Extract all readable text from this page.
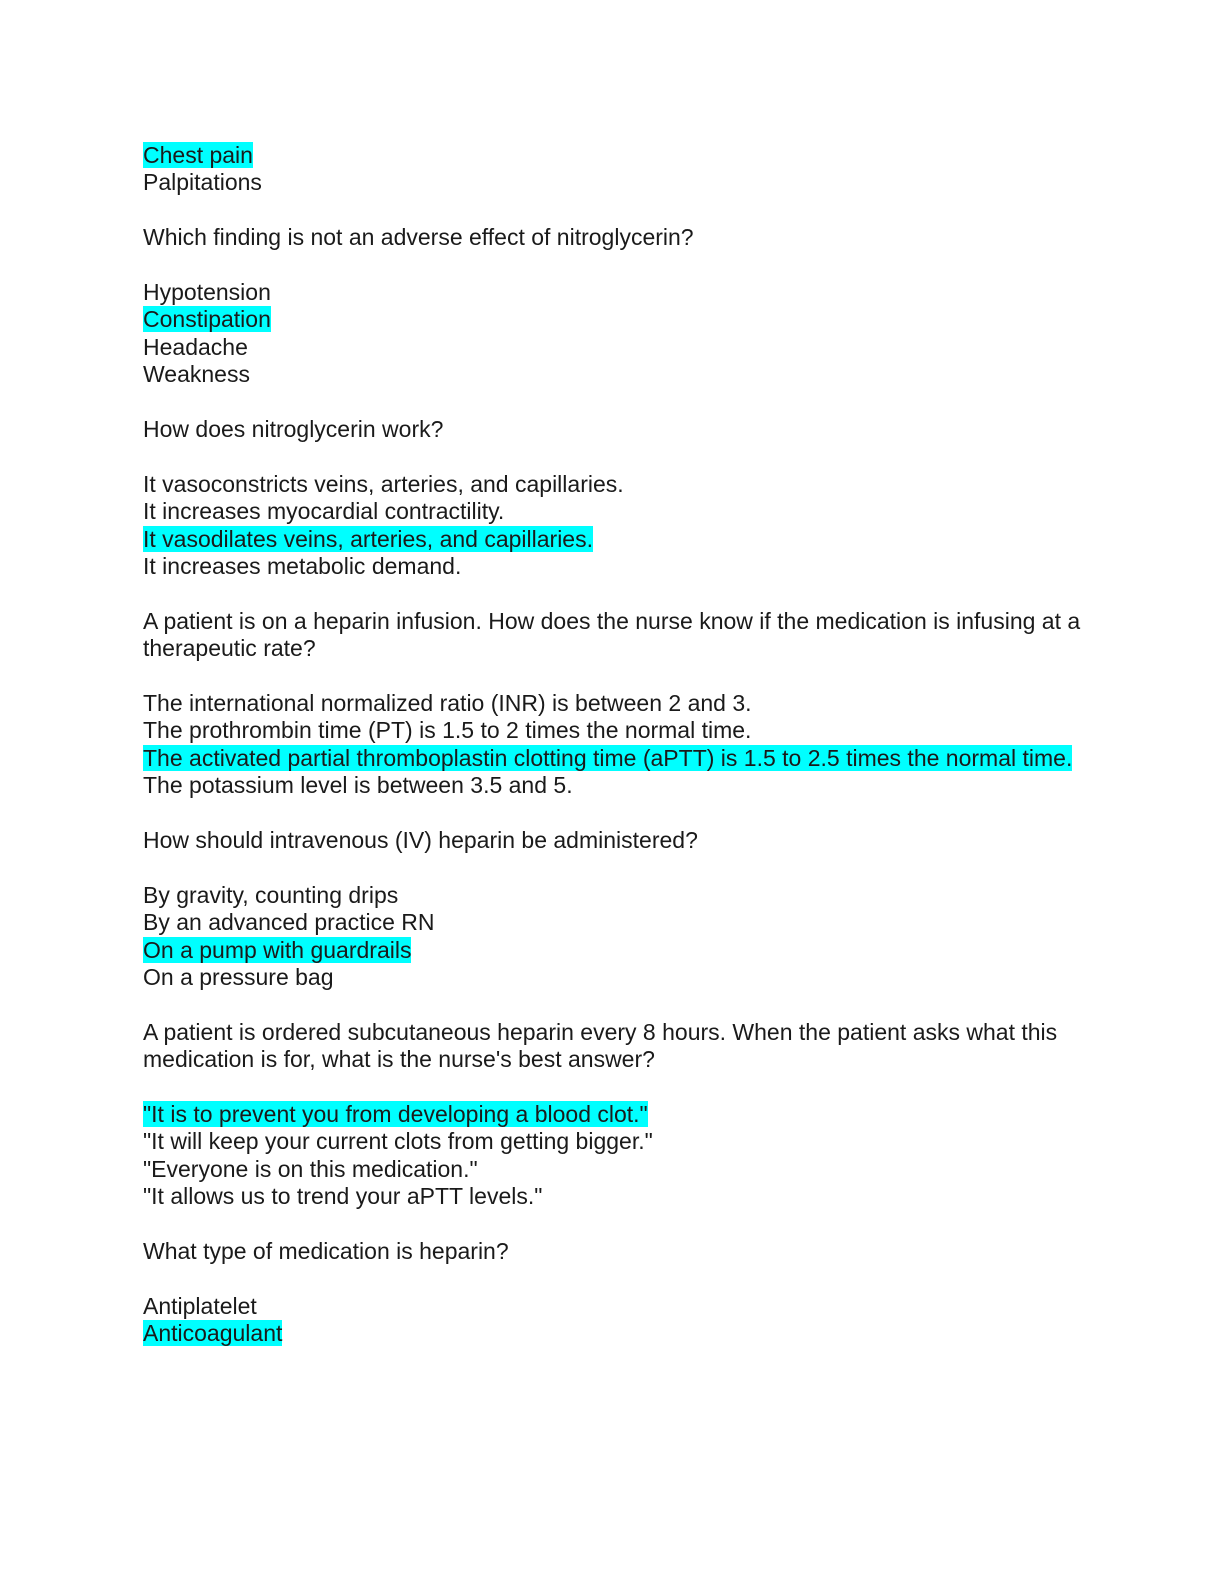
Chest pain
Palpitations
Which finding is not an adverse effect of nitroglycerin?
Hypotension
Constipation
Headache
Weakness
How does nitroglycerin work?
It vasoconstricts veins, arteries, and capillaries.
It increases myocardial contractility.
It vasodilates veins, arteries, and capillaries.
It increases metabolic demand.
A patient is on a heparin infusion. How does the nurse know if the medication is infusing at a therapeutic rate?
The international normalized ratio (INR) is between 2 and 3.
The prothrombin time (PT) is 1.5 to 2 times the normal time.
The activated partial thromboplastin clotting time (aPTT) is 1.5 to 2.5 times the normal time.
The potassium level is between 3.5 and 5.
How should intravenous (IV) heparin be administered?
By gravity, counting drips
By an advanced practice RN
On a pump with guardrails
On a pressure bag
A patient is ordered subcutaneous heparin every 8 hours. When the patient asks what this medication is for, what is the nurse's best answer?
"It is to prevent you from developing a blood clot."
"It will keep your current clots from getting bigger."
"Everyone is on this medication."
"It allows us to trend your aPTT levels."
What type of medication is heparin?
Antiplatelet
Anticoagulant
